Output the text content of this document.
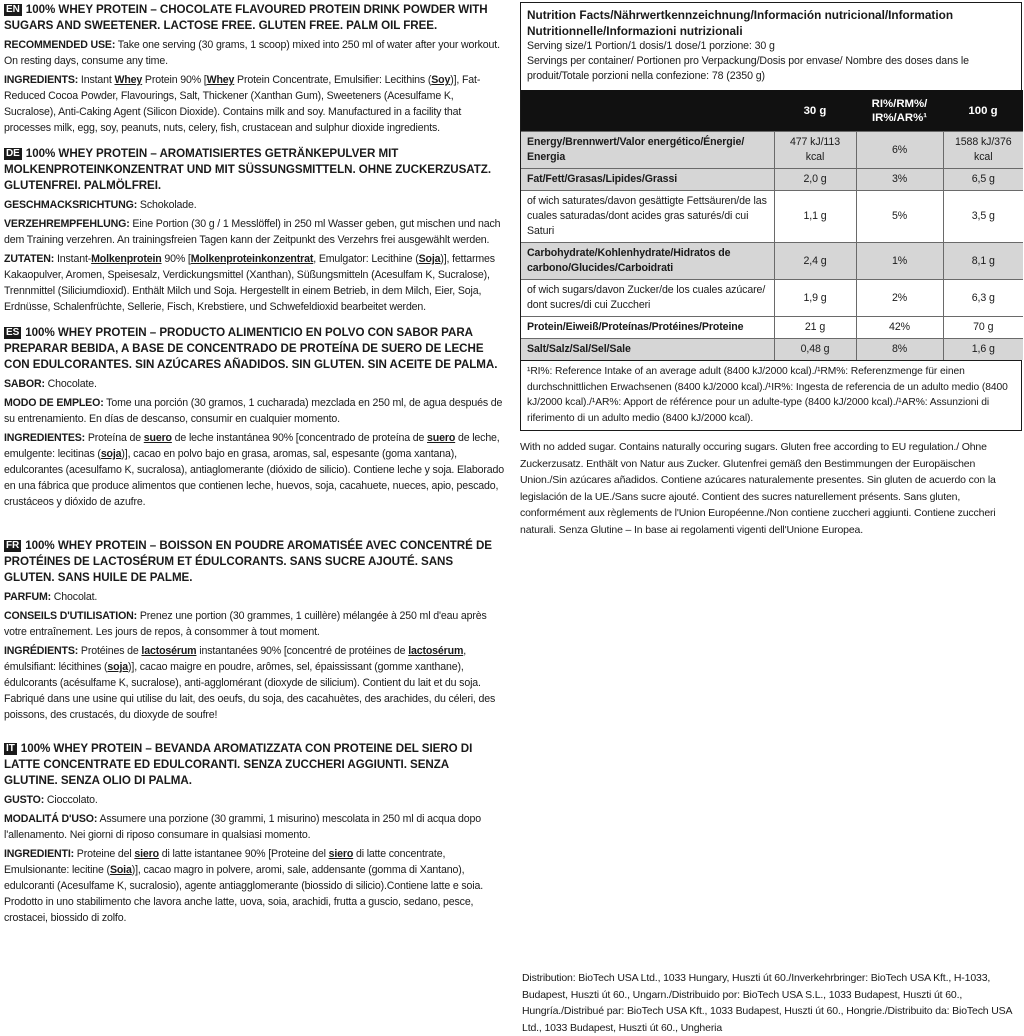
EN 100% WHEY PROTEIN – CHOCOLATE FLAVOURED PROTEIN DRINK POWDER WITH SUGARS AND SWEETENER. LACTOSE FREE. GLUTEN FREE. PALM OIL FREE.
RECOMMENDED USE: Take one serving (30 grams, 1 scoop) mixed into 250 ml of water after your workout. On resting days, consume any time.
INGREDIENTS: Instant Whey Protein 90% [Whey Protein Concentrate, Emulsifier: Lecithins (Soy)], Fat-Reduced Cocoa Powder, Flavourings, Salt, Thickener (Xanthan Gum), Sweeteners (Acesulfame K, Sucralose), Anti-Caking Agent (Silicon Dioxide). Contains milk and soy. Manufactured in a facility that processes milk, egg, soy, peanuts, nuts, celery, fish, crustacean and sulphur dioxide ingredients.
DE 100% WHEY PROTEIN – AROMATISIERTES GETRÄNKEPULVER MIT MOLKENPROTEINKONZENTRAT UND MIT SÜSSUNGSMITTELN. OHNE ZUCKERZUSATZ. GLUTENFREI. PALMÖLFREI.
GESCHMACKSRICHTUNG: Schokolade.
VERZEHREMPFEHLUNG: Eine Portion (30 g / 1 Messlöffel) in 250 ml Wasser geben, gut mischen und nach dem Training verzehren. An trainingsfreien Tagen kann der Zeitpunkt des Verzehrs frei ausgewählt werden.
ZUTATEN: Instant-Molkenprotein 90% [Molkenproteinkonzentrat, Emulgator: Lecithine (Soja)], fettarmes Kakaopulver, Aromen, Speisesalz, Verdickungsmittel (Xanthan), Süßungsmitteln (Acesulfam K, Sucralose), Trennmittel (Siliciumdioxid). Enthält Milch und Soja. Hergestellt in einem Betrieb, in dem Milch, Eier, Soja, Erdnüsse, Schalenfrüchte, Sellerie, Fisch, Krebstiere, und Schwefeldioxid bearbeitet werden.
ES 100% WHEY PROTEIN – PRODUCTO ALIMENTICIO EN POLVO CON SABOR PARA PREPARAR BEBIDA, A BASE DE CONCENTRADO DE PROTEÍNA DE SUERO DE LECHE CON EDULCORANTES. SIN AZÚCARES AÑADIDOS. SIN GLUTEN. SIN ACEITE DE PALMA.
SABOR: Chocolate.
MODO DE EMPLEO: Tome una porción (30 gramos, 1 cucharada) mezclada en 250 ml, de agua después de su entrenamiento. En días de descanso, consumir en cualquier momento.
INGREDIENTES: Proteína de suero de leche instantánea 90% [concentrado de proteína de suero de leche, emulgente: lecitinas (soja)], cacao en polvo bajo en grasa, aromas, sal, espesante (goma xantana), edulcorantes (acesulfamo K, sucralosa), antiaglomerante (dióxido de silicio). Contiene leche y soja. Elaborado en una fábrica que produce alimentos que contienen leche, huevos, soja, cacahuete, nueces, apio, pescado, crustáceos y dióxido de azufre.
FR 100% WHEY PROTEIN – BOISSON EN POUDRE AROMATISÉE AVEC CONCENTRÉ DE PROTÉINES DE LACTOSÉRUM ET ÉDULCORANTS. SANS SUCRE AJOUTÉ. SANS GLUTEN. SANS HUILE DE PALME.
PARFUM: Chocolat.
CONSEILS D'UTILISATION: Prenez une portion (30 grammes, 1 cuillère) mélangée à 250 ml d'eau après votre entraînement. Les jours de repos, à consommer à tout moment.
INGRÉDIENTS: Protéines de lactosérum instantanées 90% [concentré de protéines de lactosérum, émulsifiant: lécithines (soja)], cacao maigre en poudre, arômes, sel, épaississant (gomme xanthane), édulcorants (acésulfame K, sucralose), anti-agglomérant (dioxyde de silicium). Contient du lait et du soja. Fabriqué dans une usine qui utilise du lait, des oeufs, du soja, des cacahuètes, des arachides, du céleri, des poissons, des crustacés, du dioxyde de soufre!
IT 100% WHEY PROTEIN – BEVANDA AROMATIZZATA CON PROTEINE DEL SIERO DI LATTE CONCENTRATE ED EDULCORANTI. SENZA ZUCCHERI AGGIUNTI. SENZA GLUTINE. SENZA OLIO DI PALMA.
GUSTO: Cioccolato.
MODALITÁ D'USO: Assumere una porzione (30 grammi, 1 misurino) mescolata in 250 ml di acqua dopo l'allenamento. Nei giorni di riposo consumare in qualsiasi momento.
INGREDIENTI: Proteine del siero di latte istantanee 90% [Proteine del siero di latte concentrate, Emulsionante: lecitine (Soia)], cacao magro in polvere, aromi, sale, addensante (gomma di Xantano), edulcoranti (Acesulfame K, sucralosio), agente antiagglomerante (biossido di silicio).Contiene latte e soia. Prodotto in uno stabilimento che lavora anche latte, uova, soia, arachidi, frutta a guscio, sedano, pesce, crostacei, biossido di zolfo.
Nutrition Facts/Nährwertkennzeichnung/Información nutricional/Information
Nutritionnelle/Informazioni nutrizionali
Serving size/1 Portion/1 dosis/1 dose/1 porzione: 30 g
Servings per container/ Portionen pro Verpackung/Dosis por envase/ Nombre des doses dans le produit/Totale porzioni nella confezione: 78 (2350 g)
	30 g	RI%/RM%/ IR%/AR%¹	100 g
Energy/Brennwert/Valor energético/Énergie/ Energia	477 kJ/113 kcal	6%	1588 kJ/376 kcal
Fat/Fett/Grasas/Lipides/Grassi	2,0 g	3%	6,5 g
of wich saturates/davon gesättigte Fettsäuren/de las cuales saturadas/dont acides gras saturés/di cui Saturi	1,1 g	5%	3,5 g
Carbohydrate/Kohlenhydrate/Hidratos de carbono/Glucides/Carboidrati	2,4 g	1%	8,1 g
of wich sugars/davon Zucker/de los cuales azúcare/ dont sucres/di cui Zuccheri	1,9 g	2%	6,3 g
Protein/Eiweiß/Proteínas/Protéines/Proteine	21 g	42%	70 g
Salt/Salz/Sal/Sel/Sale	0,48 g	8%	1,6 g
¹RI%: Reference Intake of an average adult (8400 kJ/2000 kcal)./¹RM%: Referenzmenge für einen durchschnittlichen Erwachsenen (8400 kJ/2000 kcal)./¹IR%: Ingesta de referencia de un adulto medio (8400 kJ/2000 kcal)./¹AR%: Apport de référence pour un adulte-type (8400 kJ/2000 kcal)./¹AR%: Assunzioni di riferimento di un adulto medio (8400 kJ/2000 kcal).
With no added sugar. Contains naturally occuring sugars. Gluten free according to EU regulation./ Ohne Zuckerzusatz. Enthält von Natur aus Zucker. Glutenfrei gemäß den Bestimmungen der Europäischen Union./Sin azúcares añadidos. Contiene azúcares naturalemente presentes. Sin gluten de acuerdo con la legislación de la UE./Sans sucre ajouté. Contient des sucres naturellement présents. Sans gluten, conformément aux règlements de l'Union Européenne./Non contiene zuccheri aggiunti. Contiene zuccheri naturali. Senza Glutine – In base ai regolamenti vigenti dell'Unione Europea.
Distribution: BioTech USA Ltd., 1033 Hungary, Huszti út 60./Inverkehrbringer: BioTech USA Kft., H-1033, Budapest, Huszti út 60., Ungarn./Distribuido por: BioTech USA S.L., 1033 Budapest, Huszti út 60., Hungría./Distribué par: BioTech USA Kft., 1033 Budapest, Huszti út 60., Hongrie./Distribuito da: BioTech USA Ltd., 1033 Budapest, Huszti út 60., Ungheria
